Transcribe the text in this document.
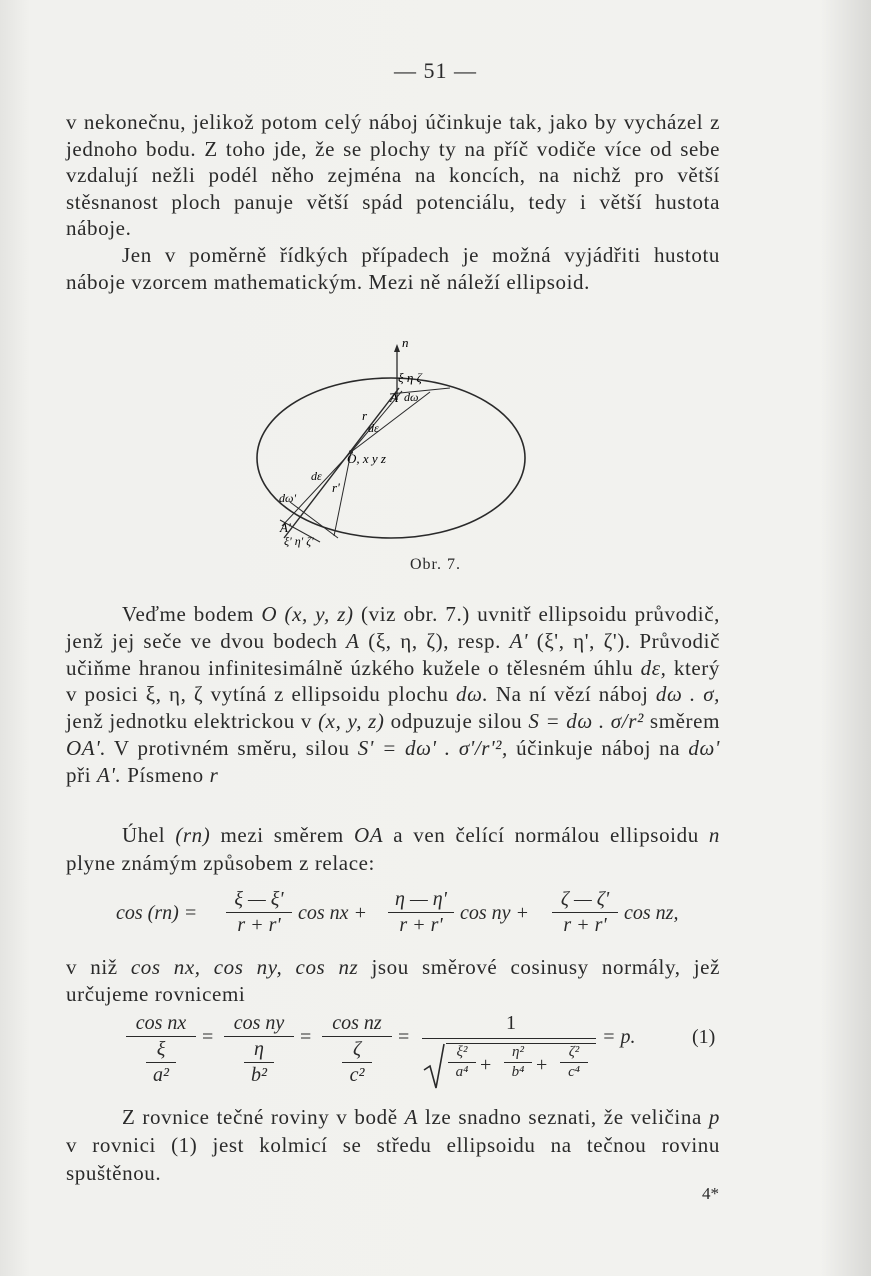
— 51 —
v nekonečnu, jelikož potom celý náboj účinkuje tak, jako by vycházel z jednoho bodu. Z toho jde, že se plochy ty na příč vodiče více od sebe vzdalují nežli podél něho zejména na koncích, na nichž pro větší stěsnanost ploch panuje větší spád potenciálu, tedy i větší hustota náboje.
Jen v poměrně řídkých případech je možná vyjádřiti hustotu náboje vzorcem mathematickým. Mezi ně náleží ellipsoid.
n
ξ η ζ
A dω
r
dε
O, x y z
dε
r'
dω'
A'
ξ' η' ζ'
Obr. 7.
Veďme bodem O (x, y, z) (viz obr. 7.) uvnitř ellipsoidu průvodič, jenž jej seče ve dvou bodech A (ξ, η, ζ), resp. A' (ξ', η', ζ'). Průvodič učiňme hranou infinitesimálně úzkého kužele o tělesném úhlu dε, který v posici ξ, η, ζ vytíná z ellipsoidu plochu dω. Na ní vězí náboj dω . σ, jenž jednotku elektrickou v (x, y, z) odpuzuje silou S = dω . σ/r² směrem OA'. V protivném směru, silou S' = dω' . σ'/r'², účinkuje náboj na dω' při A'. Písmeno r
Úhel (rn) mezi směrem OA a ven čelící normálou ellipsoidu n plyne známým způsobem z relace:
cos (rn) =
ξ — ξ'
r + r'
cos nx +
η — η'
r + r'
cos ny +
ζ — ζ'
r + r'
cos nz,
v niž cos nx, cos ny, cos nz jsou směrové cosinusy normály, jež určujeme rovnicemi
cos nx
ξ
a²
=
cos ny
η
b²
=
cos nz
ζ
c²
=
1
ξ²
a⁴ +
η²
b⁴ +
ζ²
c⁴
= p.	(1)
Z rovnice tečné roviny v bodě A lze snadno seznati, že veličina p v rovnici (1) jest kolmicí se středu ellipsoidu na tečnou rovinu spuštěnou.
4*
